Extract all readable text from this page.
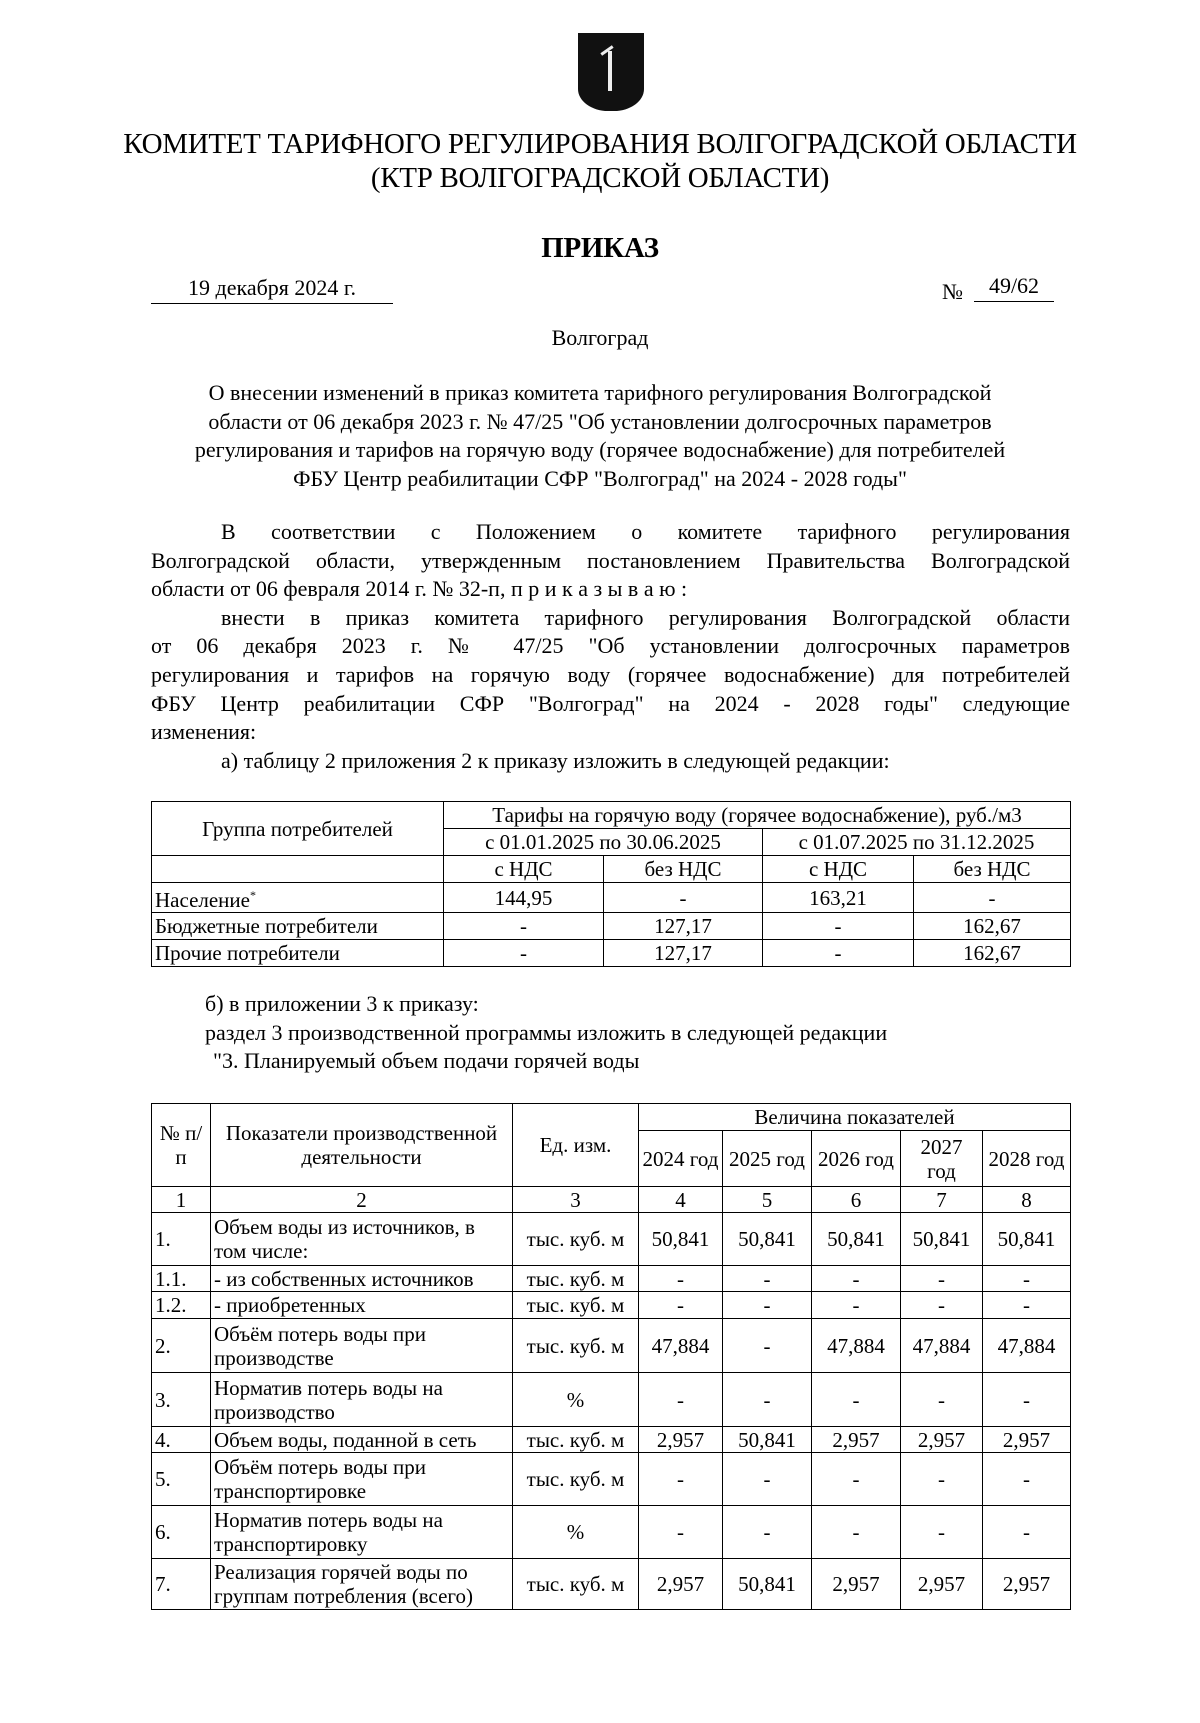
КОМИТЕТ ТАРИФНОГО РЕГУЛИРОВАНИЯ ВОЛГОГРАДСКОЙ ОБЛАСТИ
(КТР ВОЛГОГРАДСКОЙ ОБЛАСТИ)
ПРИКАЗ
19 декабря 2024 г.	№	49/62
Волгоград
О внесении изменений в приказ комитета тарифного регулирования Волгоградской
области от 06 декабря 2023 г. № 47/25 "Об установлении долгосрочных параметров
регулирования и тарифов на горячую воду (горячее водоснабжение) для потребителей
ФБУ Центр реабилитации СФР "Волгоград" на 2024 - 2028 годы"
В соответствии с Положением о комитете тарифного регулирования
Волгоградской области, утвержденным постановлением Правительства Волгоградской
области от 06 февраля 2014 г. № 32-п, п р и к а з ы в а ю :
внести в приказ комитета тарифного регулирования Волгоградской области
от 06 декабря 2023 г. № 47/25 "Об установлении долгосрочных параметров
регулирования и тарифов на горячую воду (горячее водоснабжение) для потребителей
ФБУ Центр реабилитации СФР "Волгоград" на 2024 - 2028 годы" следующие
изменения:
а) таблицу 2 приложения 2 к приказу изложить в следующей редакции:
Группа потребителей	Тарифы на горячую воду (горячее водоснабжение), руб./м3			
	с 01.01.2025 по 30.06.2025		с 01.07.2025 по 31.12.2025	
	с НДС	без НДС	с НДС	без НДС
Население*	144,95	-	163,21	-
Бюджетные потребители	-	127,17	-	162,67
Прочие потребители	-	127,17	-	162,67
б) в приложении 3 к приказу:
раздел 3 производственной программы изложить в следующей редакции
"3. Планируемый объем подачи горячей воды
№ п/п	Показатели производственной деятельности	Ед. изм.	Величина показателей				
			2024 год	2025 год	2026 год	2027 год	2028 год
1	2	3	4	5	6	7	8
1.	Объем воды из источников, в том числе:	тыс. куб. м	50,841	50,841	50,841	50,841	50,841
1.1.	- из собственных источников	тыс. куб. м	-	-	-	-	-
1.2.	- приобретенных	тыс. куб. м	-	-	-	-	-
2.	Объём потерь воды при производстве	тыс. куб. м	47,884	-	47,884	47,884	47,884
3.	Норматив потерь воды на производство	%	-	-	-	-	-
4.	Объем воды, поданной в сеть	тыс. куб. м	2,957	50,841	2,957	2,957	2,957
5.	Объём потерь воды при транспортировке	тыс. куб. м	-	-	-	-	-
6.	Норматив потерь воды на транспортировку	%	-	-	-	-	-
7.	Реализация горячей воды по группам потребления (всего)	тыс. куб. м	2,957	50,841	2,957	2,957	2,957
